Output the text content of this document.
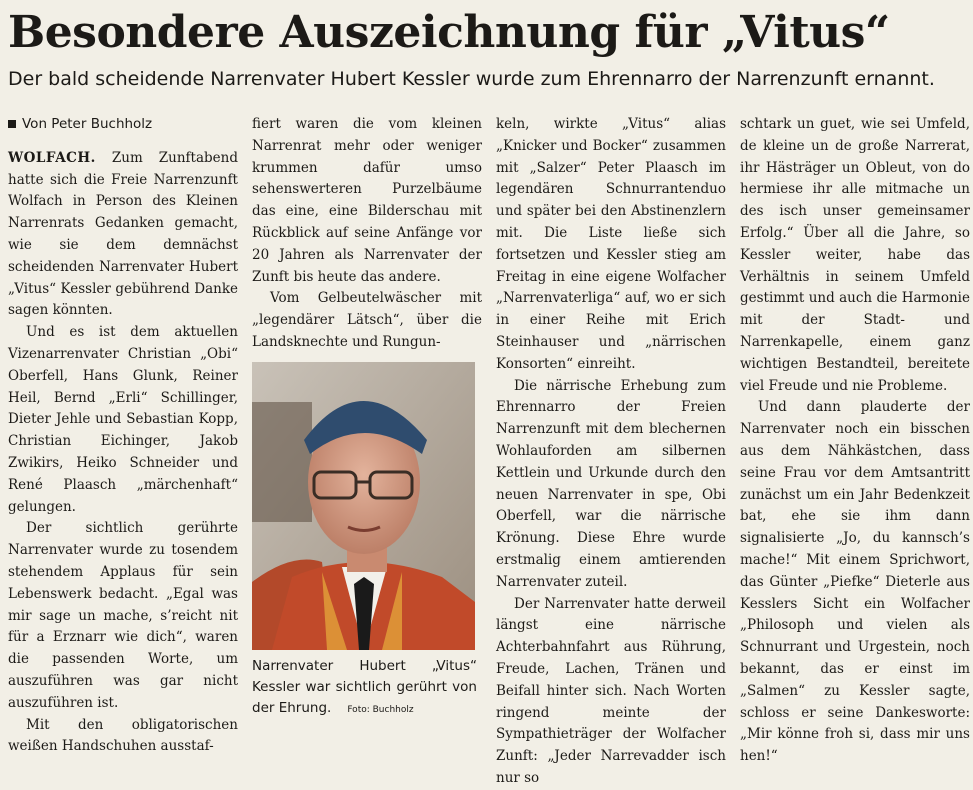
Besondere Auszeichnung für „Vitus“
Der bald scheidende Narrenvater Hubert Kessler wurde zum Ehrennarro der Narrenzunft ernannt.
Von Peter Buchholz

WOLFACH. Zum Zunftabend hatte sich die Freie Narrenzunft Wolfach in Person des Kleinen Narrenrats Gedanken gemacht, wie sie dem demnächst scheidenden Narrenvater Hubert „Vitus“ Kessler gebührend Danke sagen könnten.

Und es ist dem aktuellen Vizenarrenvater Christian „Obi“ Oberfell, Hans Glunk, Reiner Heil, Bernd „Erli“ Schillinger, Dieter Jehle und Sebastian Kopp, Christian Eichinger, Jakob Zwikirs, Heiko Schneider und René Plaasch „märchenhaft“ gelungen.

Der sichtlich gerührte Narrenvater wurde zu tosendem stehendem Applaus für sein Lebenswerk bedacht. „Egal was mir sage un mache, s’reicht nit für a Erznarr wie dich“, waren die passenden Worte, um auszuführen was gar nicht auszuführen ist.

Mit den obligatorischen weißen Handschuhen ausstaf-

fiert waren die vom kleinen Narrenrat mehr oder weniger krummen dafür umso sehenswerteren Purzelbäume das eine, eine Bilderschau mit Rückblick auf seine Anfänge vor 20 Jahren als Narrenvater der Zunft bis heute das andere.

Vom Gelbeutelwäscher mit „legendärer Lätsch“, über die Landsknechte und Rungun-

Narrenvater Hubert „Vitus“ Kessler war sichtlich gerührt von der Ehrung. Foto: Buchholz

keln, wirkte „Vitus“ alias „Knicker und Bocker“ zusammen mit „Salzer“ Peter Plaasch im legendären Schnurrantenduo und später bei den Abstinenzlern mit. Die Liste ließe sich fortsetzen und Kessler stieg am Freitag in eine eigene Wolfacher „Narrenvaterliga“ auf, wo er sich in einer Reihe mit Erich Steinhauser und „närrischen Konsorten“ einreiht.

Die närrische Erhebung zum Ehrennarro der Freien Narrenzunft mit dem blechernen Wohlauforden am silbernen Kettlein und Urkunde durch den neuen Narrenvater in spe, Obi Oberfell, war die närrische Krönung. Diese Ehre wurde erstmalig einem amtierenden Narrenvater zuteil.

Der Narrenvater hatte derweil längst eine närrische Achterbahnfahrt aus Rührung, Freude, Lachen, Tränen und Beifall hinter sich. Nach Worten ringend meinte der Sympathieträger der Wolfacher Zunft: „Jeder Narrevadder isch nur so

schtark un guet, wie sei Umfeld, de kleine un de große Narrerat, ihr Hästräger un Obleut, von do hermiese ihr alle mitmache un des isch unser gemeinsamer Erfolg.“ Über all die Jahre, so Kessler weiter, habe das Verhältnis in seinem Umfeld gestimmt und auch die Harmonie mit der Stadt- und Narrenkapelle, einem ganz wichtigen Bestandteil, bereitete viel Freude und nie Probleme.

Und dann plauderte der Narrenvater noch ein bisschen aus dem Nähkästchen, dass seine Frau vor dem Amtsantritt zunächst um ein Jahr Bedenkzeit bat, ehe sie ihm dann signalisierte „Jo, du kannsch’s mache!“ Mit einem Sprichwort, das Günter „Piefke“ Dieterle aus Kesslers Sicht ein Wolfacher „Philosoph und vielen als Schnurrant und Urgestein, noch bekannt, das er einst im „Salmen“ zu Kessler sagte, schloss er seine Dankesworte: „Mir könne froh si, dass mir uns hen!“
